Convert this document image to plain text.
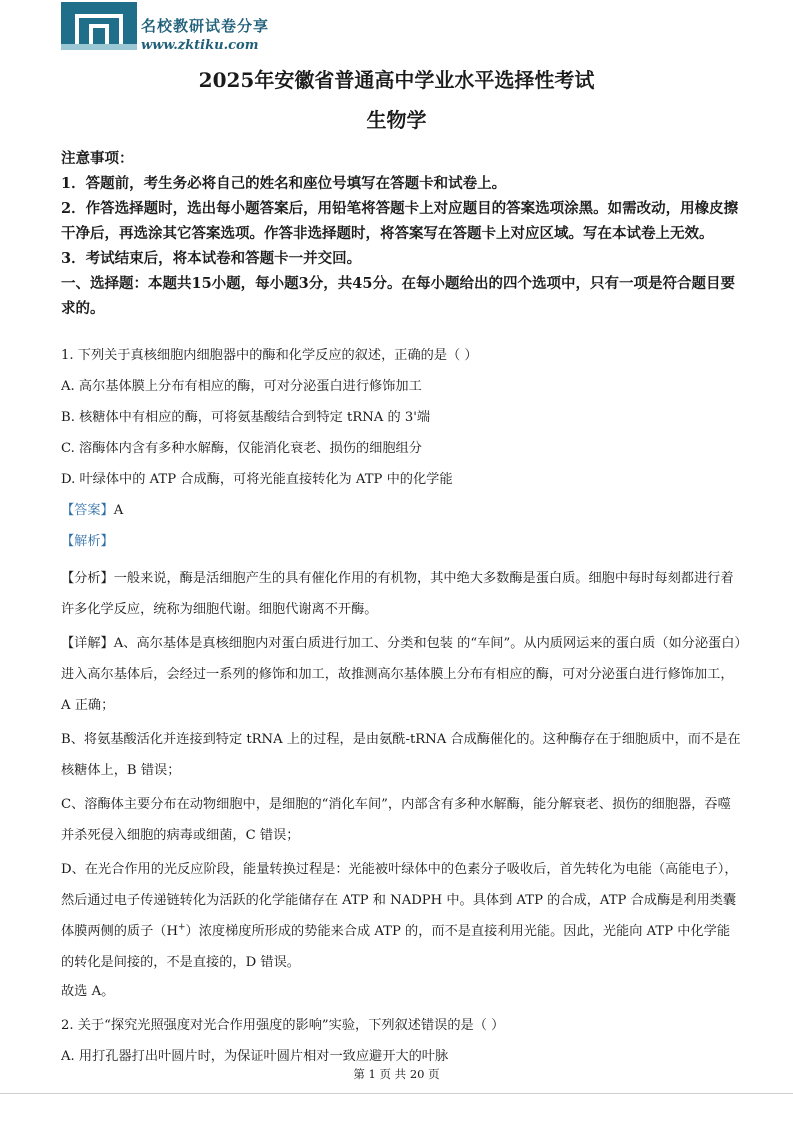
名校教研试卷分享
www.zktiku.com
2025年安徽省普通高中学业水平选择性考试
生物学

注意事项：

1．答题前，考生务必将自己的姓名和座位号填写在答题卡和试卷上。

2．作答选择题时，选出每小题答案后，用铅笔将答题卡上对应题目的答案选项涂黑。如需改动，用橡皮擦干净后，再选涂其它答案选项。作答非选择题时，将答案写在答题卡上对应区域。写在本试卷上无效。

3．考试结束后，将本试卷和答题卡一并交回。

一、选择题：本题共15小题，每小题3分，共45分。在每小题给出的四个选项中，只有一项是符合题目要求的。

1. 下列关于真核细胞内细胞器中的酶和化学反应的叙述，正确的是（ ）

A. 高尔基体膜上分布有相应的酶，可对分泌蛋白进行修饰加工

B. 核糖体中有相应的酶，可将氨基酸结合到特定 tRNA 的 3'端

C. 溶酶体内含有多种水解酶，仅能消化衰老、损伤的细胞组分

D. 叶绿体中的 ATP 合成酶，可将光能直接转化为 ATP 中的化学能

【答案】A

【解析】

【分析】一般来说，酶是活细胞产生的具有催化作用的有机物，其中绝大多数酶是蛋白质。细胞中每时每刻都进行着许多化学反应，统称为细胞代谢。细胞代谢离不开酶。

【详解】A、高尔基体是真核细胞内对蛋白质进行加工、分类和包装 的“车间”。从内质网运来的蛋白质（如分泌蛋白）进入高尔基体后，会经过一系列的修饰和加工，故推测高尔基体膜上分布有相应的酶，可对分泌蛋白进行修饰加工，A 正确；

B、将氨基酸活化并连接到特定 tRNA 上的过程，是由氨酰-tRNA 合成酶催化的。这种酶存在于细胞质中，而不是在核糖体上，B 错误；

C、溶酶体主要分布在动物细胞中，是细胞的“消化车间”，内部含有多种水解酶，能分解衰老、损伤的细胞器，吞噬并杀死侵入细胞的病毒或细菌，C 错误；

D、在光合作用的光反应阶段，能量转换过程是：光能被叶绿体中的色素分子吸收后，首先转化为电能（高能电子），然后通过电子传递链转化为活跃的化学能储存在 ATP 和 NADPH 中。具体到 ATP 的合成，ATP 合成酶是利用类囊体膜两侧的质子（H+）浓度梯度所形成的势能来合成 ATP 的，而不是直接利用光能。因此，光能向 ATP 中化学能的转化是间接的，不是直接的，D 错误。

故选 A。

2. 关于“探究光照强度对光合作用强度的影响”实验，下列叙述错误的是（ ）

A. 用打孔器打出叶圆片时，为保证叶圆片相对一致应避开大的叶脉

第 1 页 共 20 页
